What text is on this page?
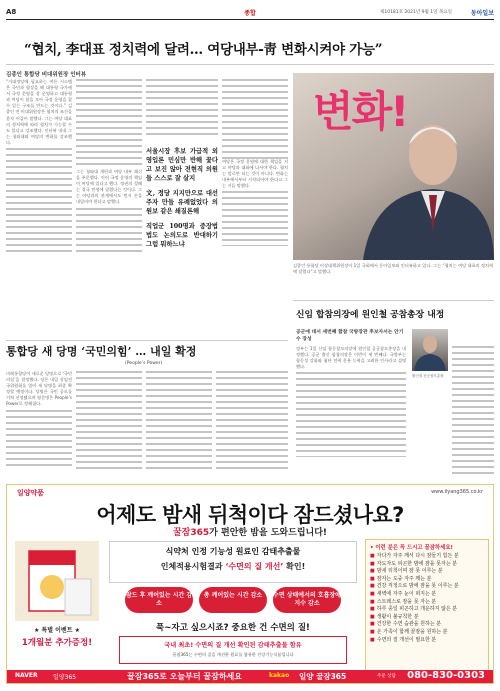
A8	종합	제10181호 2021년 9월 1일 목요일	동아일보
“협치, 李대표 정치력에 달려… 여당내부-靑 변화시켜야 가능”
김종인 통합당 비대위원장 인터뷰
“거대정당에 필요하는 여론 시스템은 국민과 협상을 해 대통령 국가에서 국정 운영을 잘 운영하고 대통령과 여당이 힘을 모아 국정 운영을 할 수 있는 구조를 만드는 것이다.” 김종인 전 비대위원장은 협치의 조건을 묻자 이같이 말했다. 그는 여당 대표의 정치력에 따라 협치가 가능할 수도 있다고 강조했다. 인터뷰 내내 그는 청와대와 여당의 변화를 강조했다.
그는 청와대 개편과 여당 내부 쇄신을 주문했다. 이어 국정 운영의 책임이 여당에 있다고 했다. 정권의 성패는 결국 민생에 달렸다는 것이다. 그는 야당과의 관계에서도 먼저 손을 내밀어야 한다고 말했다.
서울시장 후보 가급적 외 영입론 민심만 반해 꽃다고 보진 않아 전현직 의원들 스스로 잘 살지
文, 정당 지지만으로 대선주자 만들 유례없었다 의원보 같은 쇄질론해
직업군 100명과 중장법 법도 논의도로 반대하기 그럼 뭐하느냐
여당은 국정 운영에 대한 책임을 지고 야당과 대화에 나서야 한다. 협치는 말로만 되는 것이 아니다. 변화는 내부에서부터 시작되어야 한다고 그는 거듭 말했다.
변화!
김종인 통합당 비상대책위원장이 1일 국회에서 동아일보와 인터뷰하고 있다. 그는 “협치는 여당 대표의 정치력에 달렸다”고 말했다.
통합당 새 당명 ‘국민의힘’ … 내일 확정
(People’s Power)
미래통합당이 새로운 당명으로 ‘국민의힘’을 결정했다. 당은 내일 상임전국위원회를 열어 새 당명을 최종 확정할 예정이다. 당명은 국민 공모를 거쳐 선정됐으며 영문명은 People’s Power로 정해졌다.
신임 합참의장에 원인철 공참총장 내정
공군에 대서 세번째 합참 국방장관 후보자서는 안기수 장성
정부는 1일 신임 합동참모의장에 원인철 공군참모총장을 내정했다. 공군 출신 합참의장은 이번이 세 번째다. 국방부는 합동성 강화와 첨단 전력 운용 능력을 고려한 인사라고 설명했다.
원인철 공군참모총장
일양약품	www.ilyang365.co.kr
어제도 밤새 뒤척이다 잠드셨나요?
꿀잠365가 편안한 밤을 도와드립니다!
★ 특별 이벤트 ★
1개월분 추가증정!
식약처 인정 기능성 원료인 감태추출물
인체적용시험결과 ‘수면의 질 개선’ 확인!
잠드 후 깨어있는 시간 감소
총 깨어있는 시간 감소	수면 상태에서의 호흡장애지수 감소
푹~자고 싶으시죠? 중요한 건 수면의 질!
국내 최초! 수면의 질 개선 확인된 감태추출물 함유
꿀잠365는 수면의 질을 개선한 원료를 함유한 건강기능식품입니다
• 이런 분은 꼭 드시고 꿀잠하세요!
■ 자다가 자주 깨서 다시 잠들기 힘든 분
■ 자도자도 피곤한 밤에 잠을 못자는 분
■ 밤새 뒤척이며 잠 못 이루는 분
■ 잠자는 도중 자주 깨는 분
■ 건강 걱정으로 밤에 잠을 못 이루는 분
■ 새벽에 자주 눈이 떠지는 분
■ 스트레스로 잠을 못 자는 분
■ 하루 종일 피곤하고 개운하지 않은 분
■ 생활이 불규칙한 분
■ 건강한 수면 습관을 원하는 분
■ 온 가족이 함께 꿀잠을 원하는 분
■ 수면의 질 개선이 필요한 분
NAVER	일양365	꿀잠365로 오늘부터 꿀잠하세요	kakao 일양 꿀잠365	주문 상담 080-830-0303
